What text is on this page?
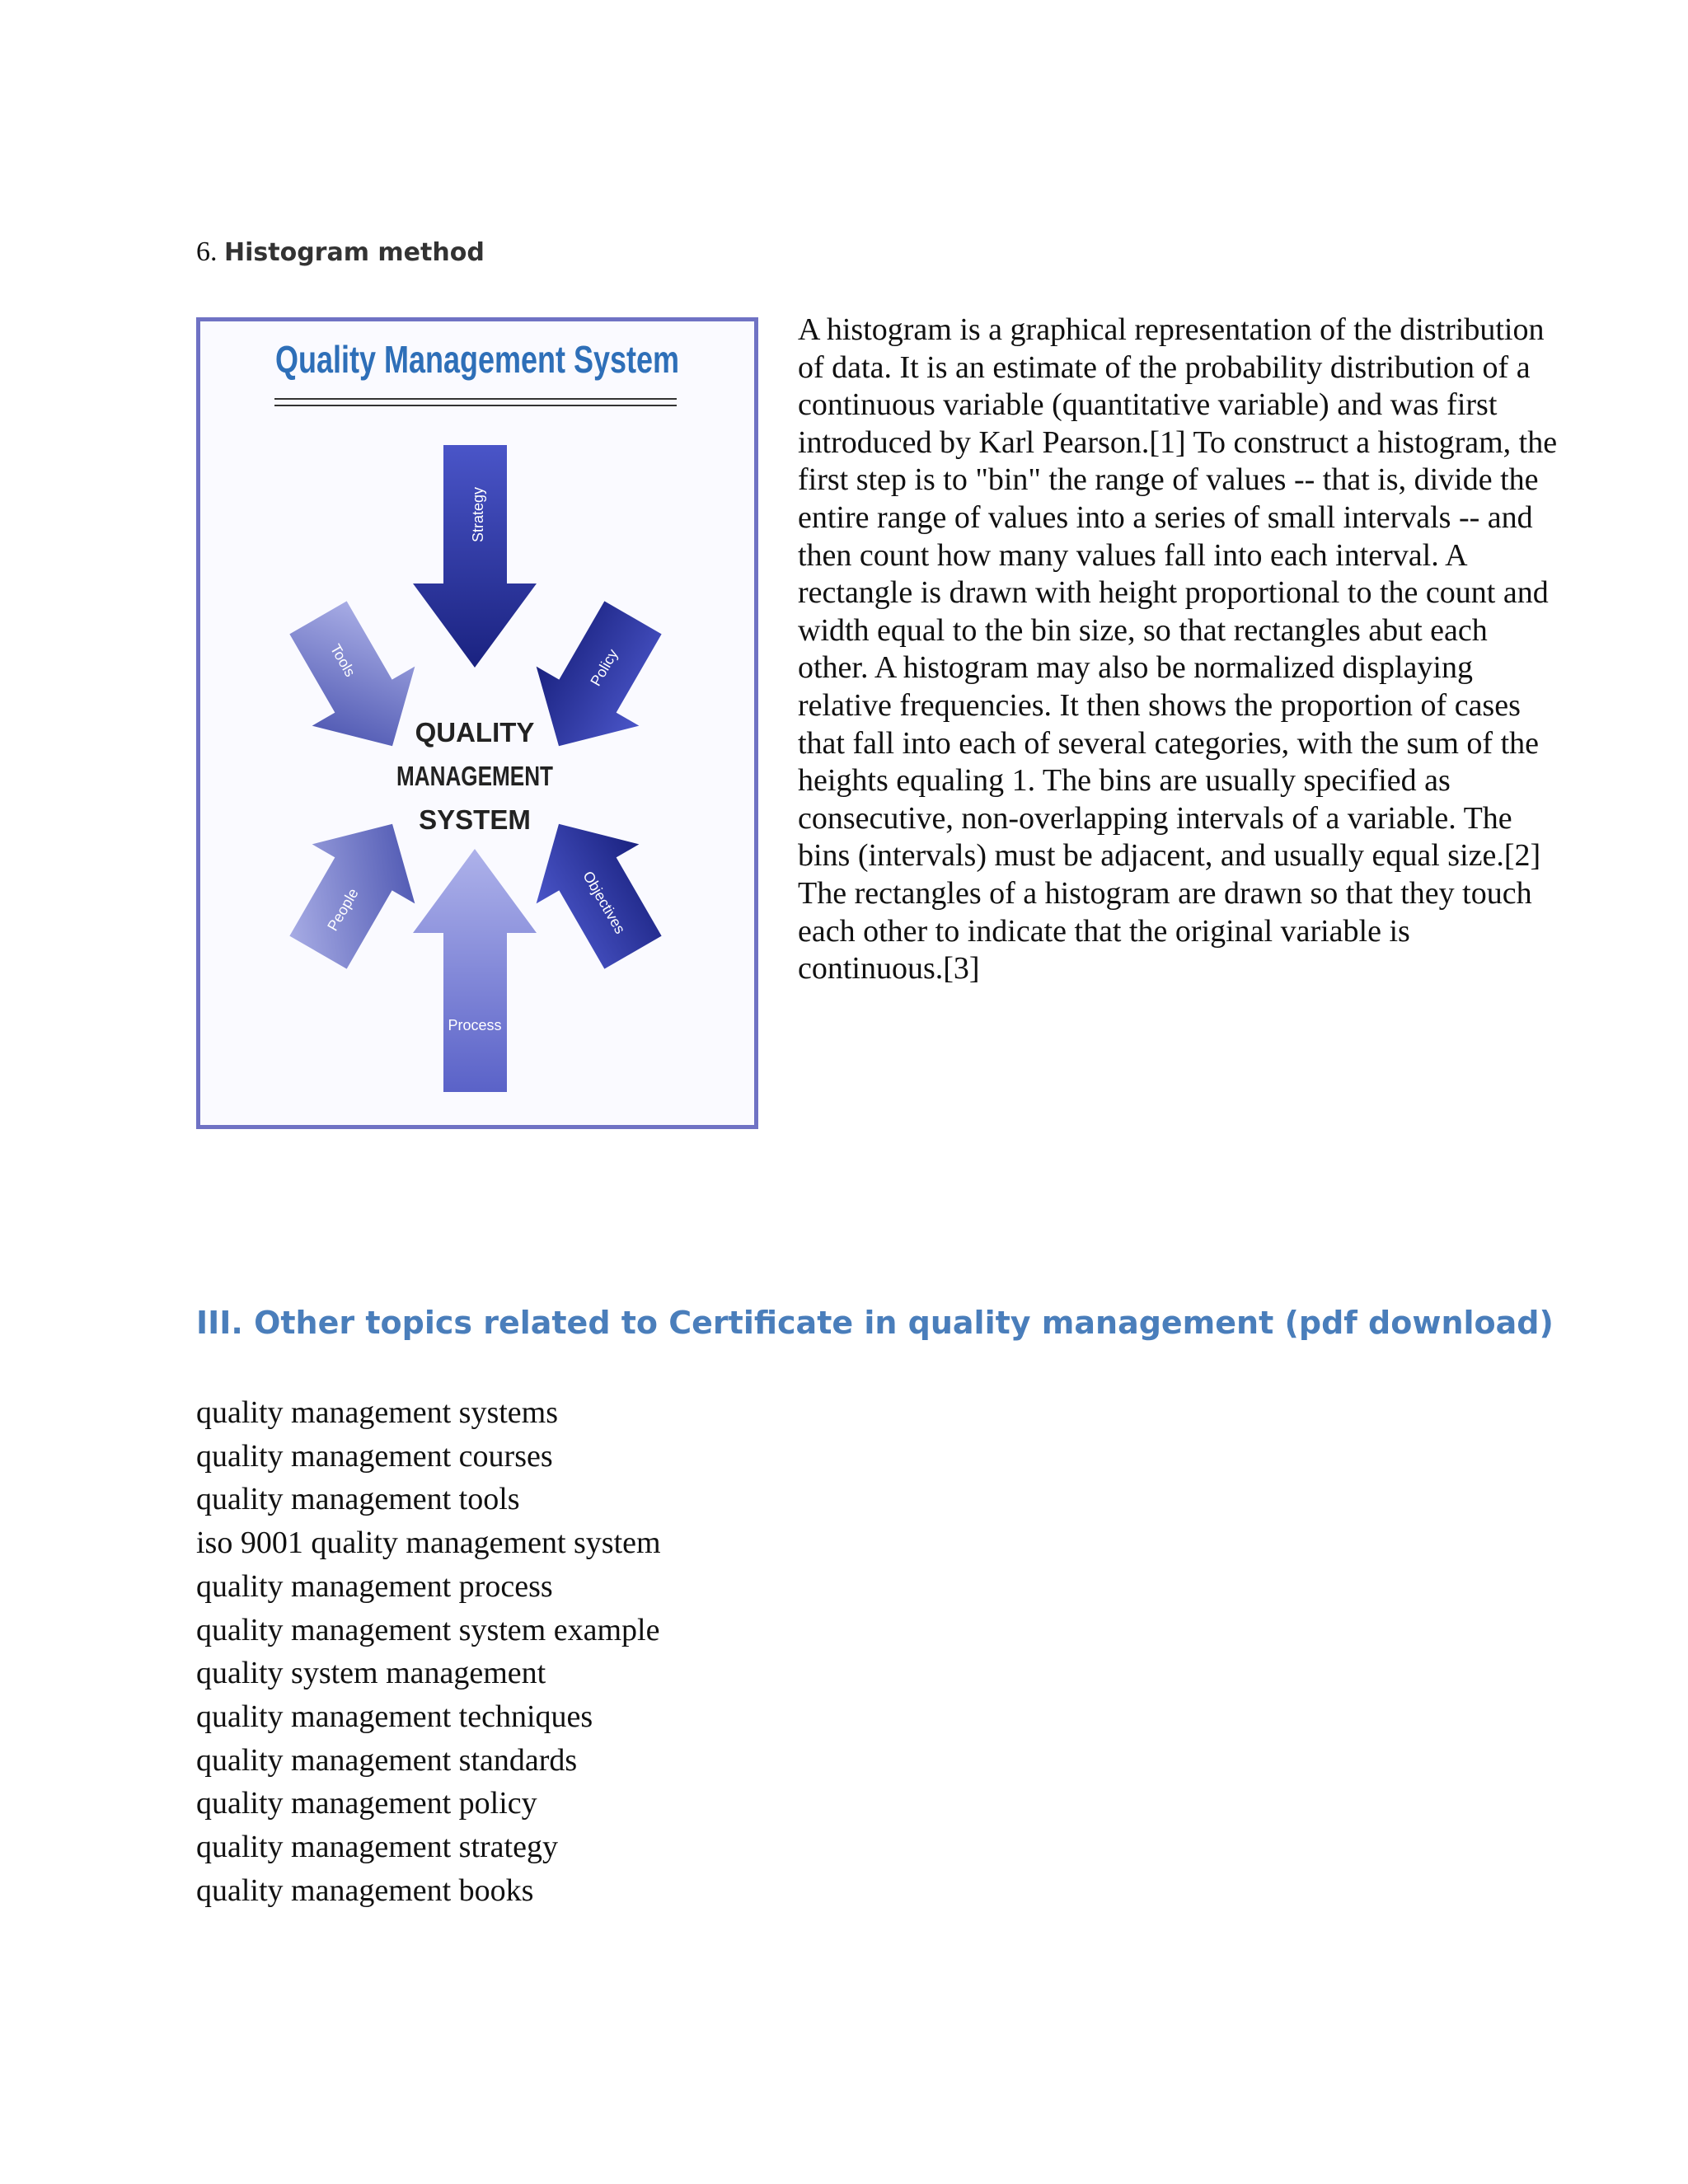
6. Histogram method
Quality Management System
Strategy
Process
Policy
Objectives
Tools
People
QUALITY
MANAGEMENT
SYSTEM

A histogram is a graphical representation of the distribution of data. It is an estimate of the probability distribution of a continuous variable (quantitative variable) and was first introduced by Karl Pearson.[1] To construct a histogram, the first step is to "bin" the range of values -- that is, divide the entire range of values into a series of small intervals -- and then count how many values fall into each interval. A rectangle is drawn with height proportional to the count and width equal to the bin size, so that rectangles abut each other. A histogram may also be normalized displaying relative frequencies. It then shows the proportion of cases that fall into each of several categories, with the sum of the heights equaling 1. The bins are usually specified as consecutive, non-overlapping intervals of a variable. The bins (intervals) must be adjacent, and usually equal size.[2] The rectangles of a histogram are drawn so that they touch each other to indicate that the original variable is continuous.[3]

III. Other topics related to Certificate in quality management (pdf download)
quality management systems
quality management courses
quality management tools
iso 9001 quality management system
quality management process
quality management system example
quality system management
quality management techniques
quality management standards
quality management policy
quality management strategy
quality management books
